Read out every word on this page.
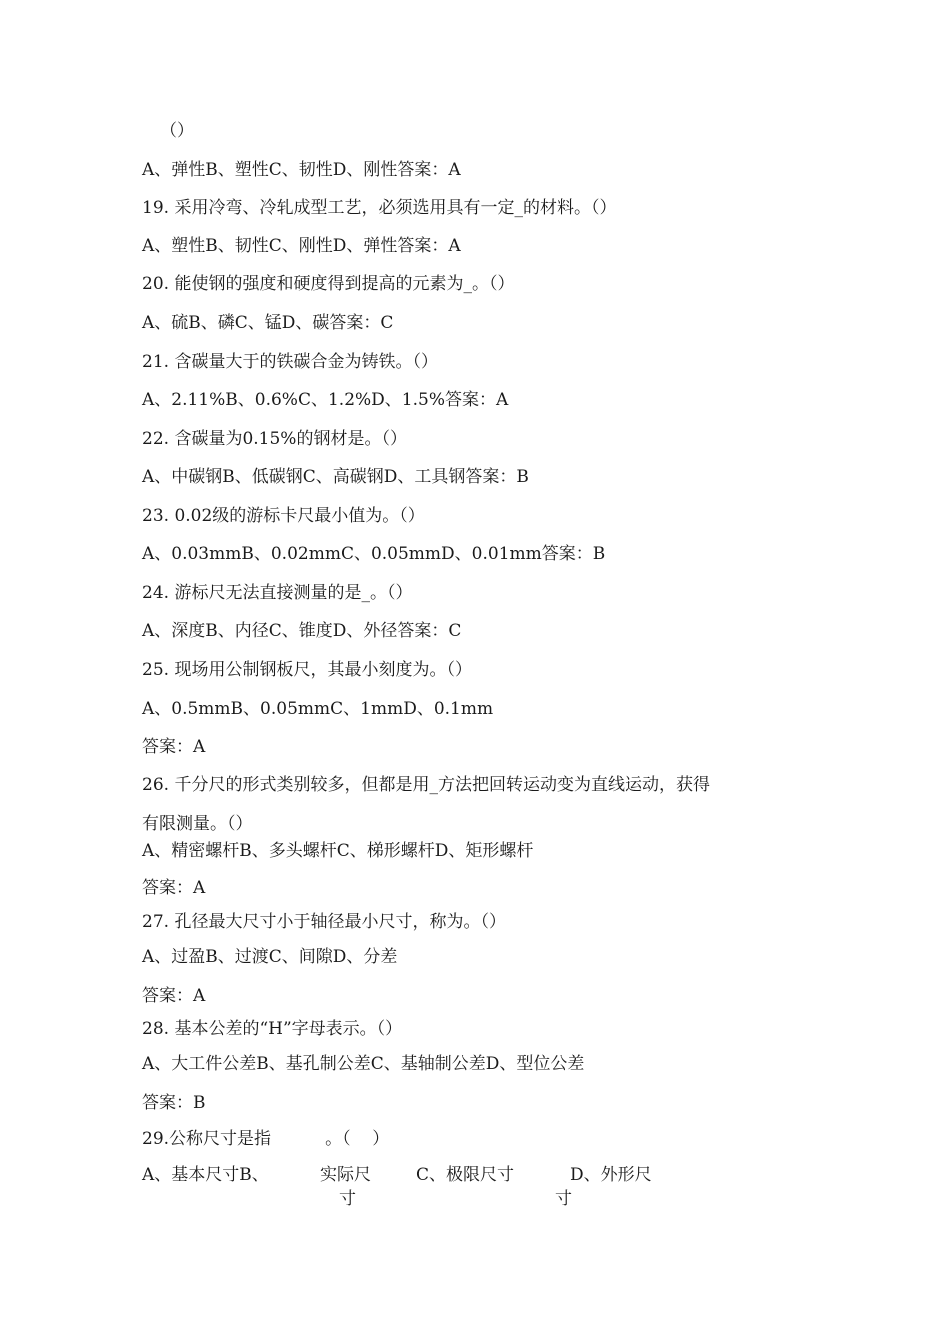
（）
A、弹性B、塑性C、韧性D、刚性答案：A
19. 采用冷弯、冷轧成型工艺，必须选用具有一定_的材料。（）
A、塑性B、韧性C、刚性D、弹性答案：A
20. 能使钢的强度和硬度得到提高的元素为_。（）
A、硫B、磷C、锰D、碳答案：C
21. 含碳量大于的铁碳合金为铸铁。（）
A、2.11%B、0.6%C、1.2%D、1.5%答案：A
22. 含碳量为0.15%的钢材是。（）
A、中碳钢B、低碳钢C、高碳钢D、工具钢答案：B
23. 0.02级的游标卡尺最小值为。（）
A、0.03mmB、0.02mmC、0.05mmD、0.01mm答案：B
24. 游标尺无法直接测量的是_。（）
A、深度B、内径C、锥度D、外径答案：C
25. 现场用公制钢板尺，其最小刻度为。（）
A、0.5mmB、0.05mmC、1mmD、0.1mm
答案：A
26. 千分尺的形式类别较多，但都是用_方法把回转运动变为直线运动，获得
有限测量。（）
A、精密螺杆B、多头螺杆C、梯形螺杆D、矩形螺杆
答案：A
27. 孔径最大尺寸小于轴径最小尺寸，称为。（）
A、过盈B、过渡C、间隙D、分差
答案：A
28. 基本公差的“H”字母表示。（）
A、大工件公差B、基孔制公差C、基轴制公差D、型位公差
答案：B
29.公称尺寸是指          。（    ）
A、基本尺寸B、	实际尺	C、极限尺寸	D、外形尺
寸	寸
